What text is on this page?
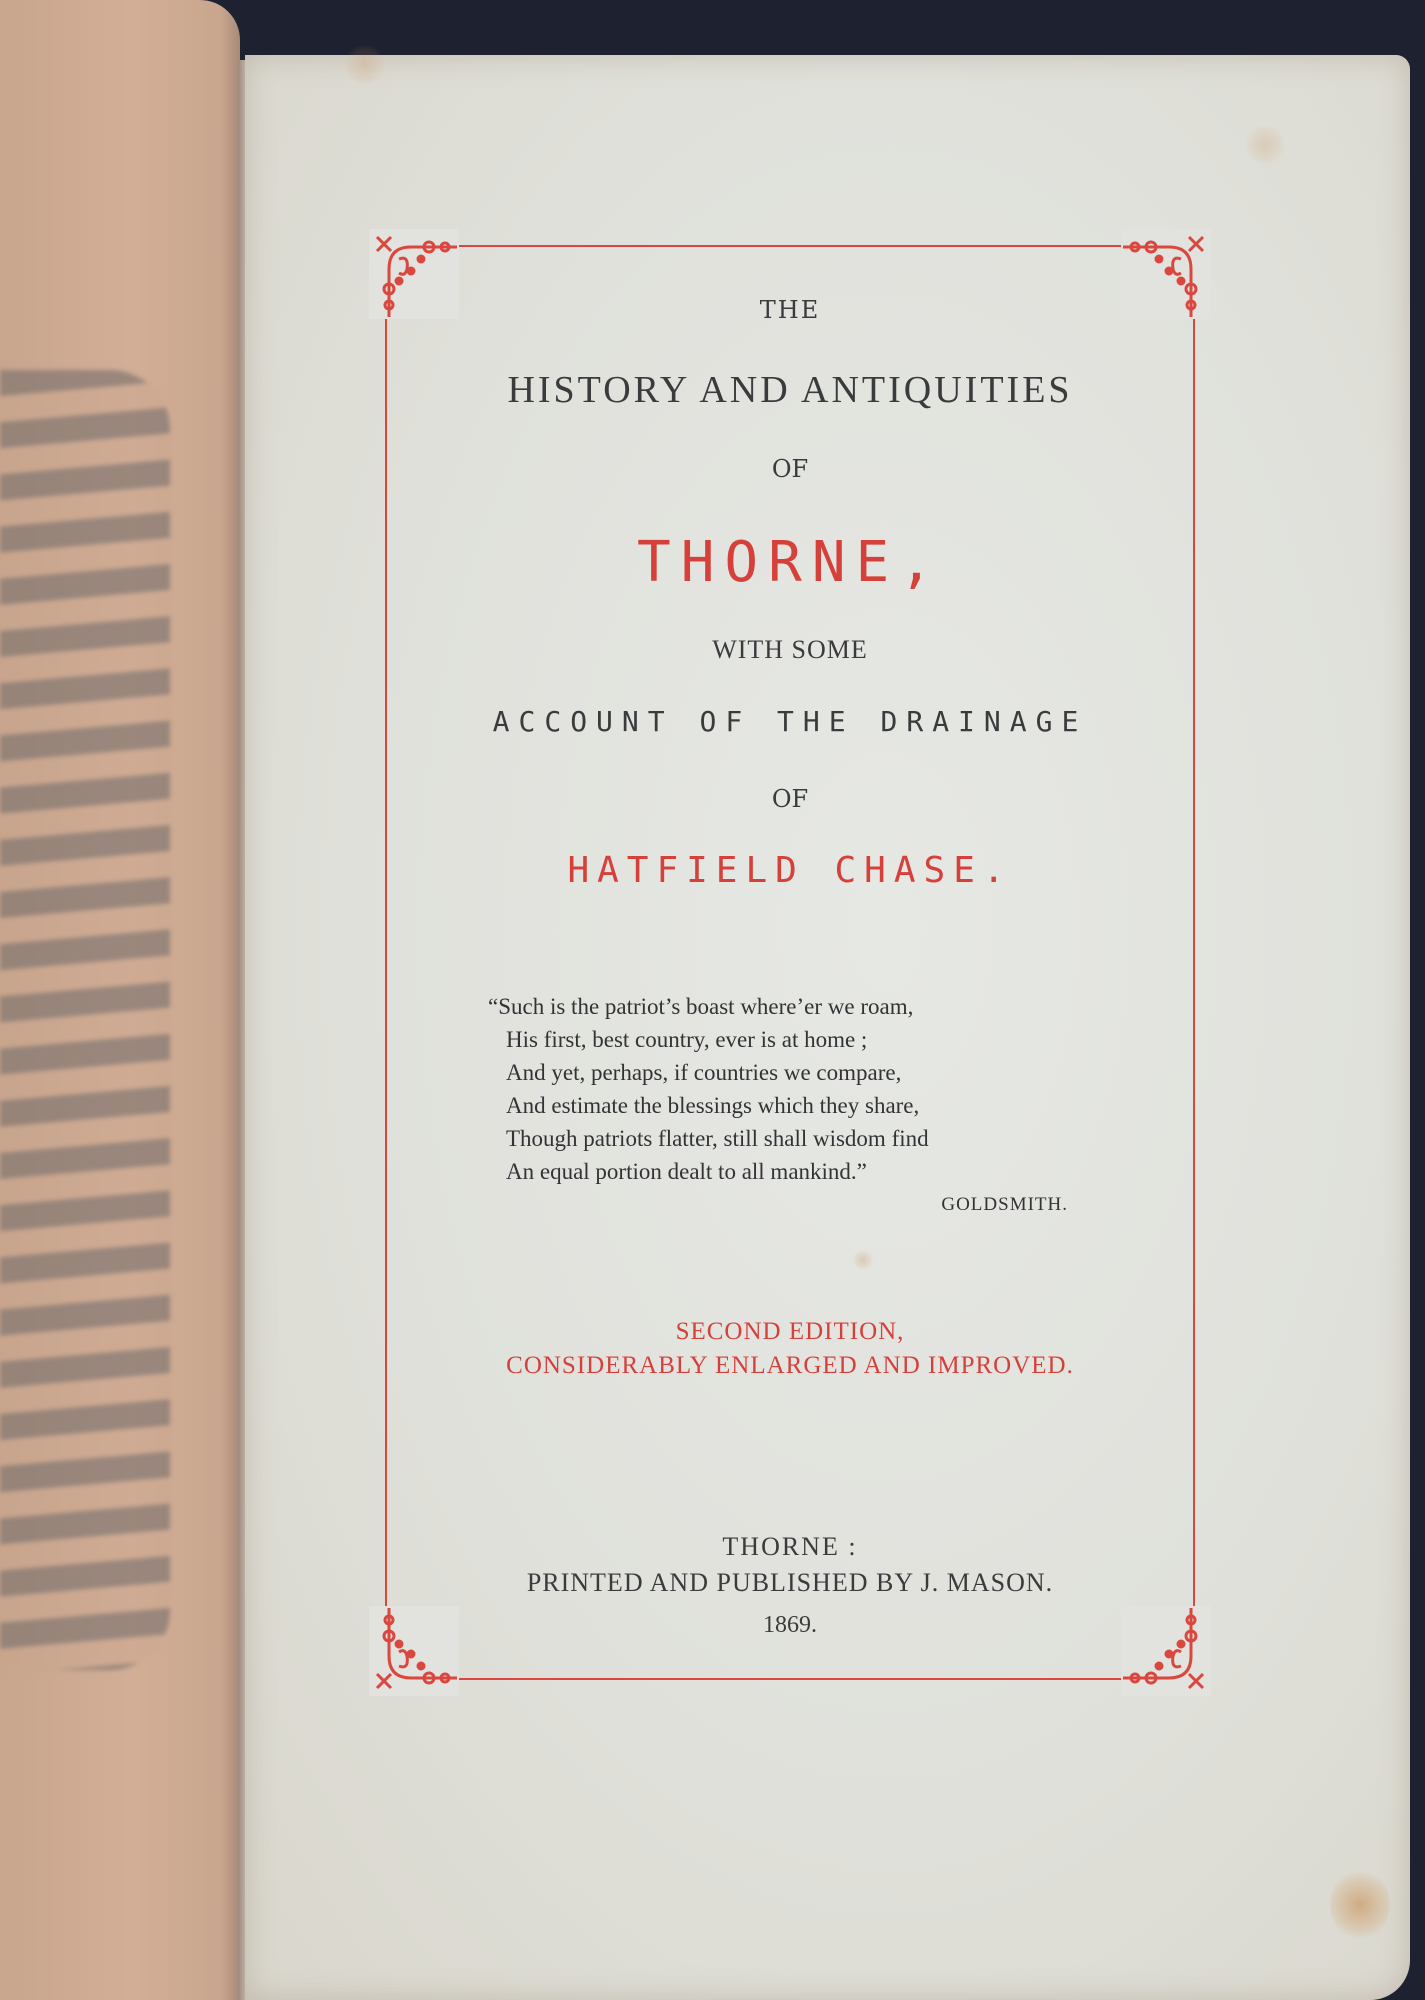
THE
HISTORY AND ANTIQUITIES
OF
THORNE,
WITH SOME
ACCOUNT OF THE DRAINAGE
OF
HATFIELD CHASE.
“Such is the patriot’s boast where’er we roam,
His first, best country, ever is at home ;
And yet, perhaps, if countries we compare,
And estimate the blessings which they share,
Though patriots flatter, still shall wisdom find
An equal portion dealt to all mankind.”
GOLDSMITH.
SECOND EDITION,
CONSIDERABLY ENLARGED AND IMPROVED.
THORNE :
PRINTED AND PUBLISHED BY J. MASON.
1869.
